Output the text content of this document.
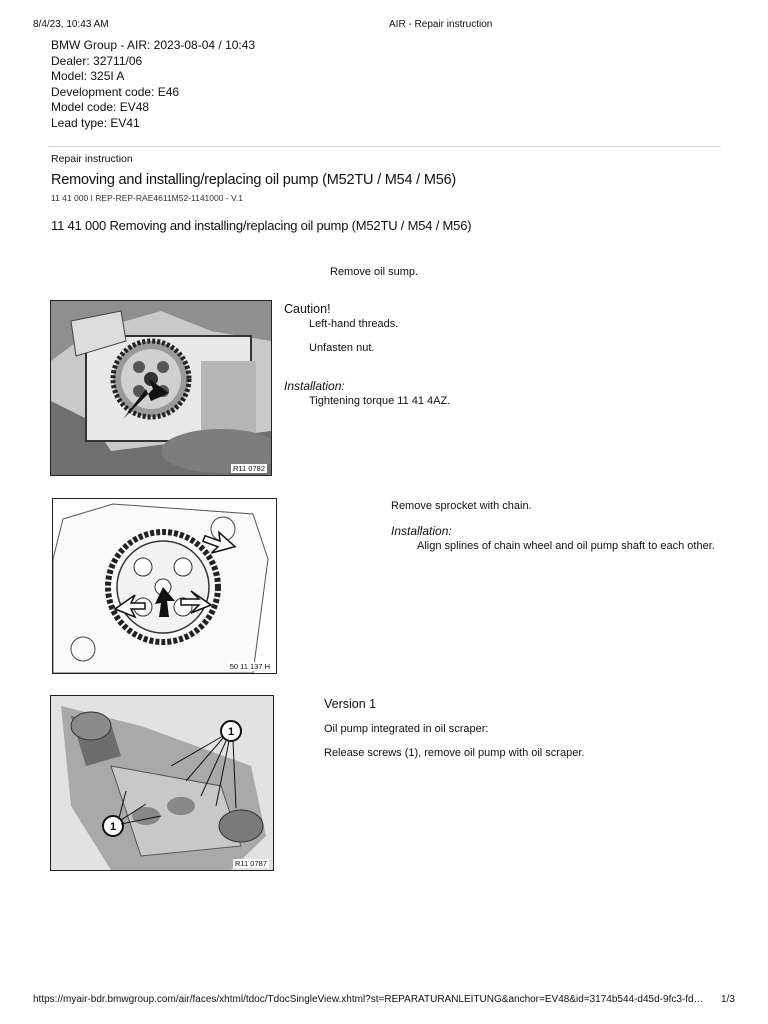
8/4/23, 10:43 AM	AIR - Repair instruction
BMW Group - AIR: 2023-08-04 / 10:43
Dealer: 32711/06
Model: 325I A
Development code: E46
Model code: EV48
Lead type: EV41
Repair instruction
Removing and installing/replacing oil pump (M52TU / M54 / M56)
11 41 000 I REP-REP-RAE4611M52-1141000 - V.1
11 41 000 Removing and installing/replacing oil pump (M52TU / M54 / M56)
Remove oil sump.
R11 0782
Caution!
Left-hand threads.
Unfasten nut.
Installation:
Tightening torque 11 41 4AZ.
50 11 137 H
Remove sprocket with chain.
Installation:
Align splines of chain wheel and oil pump shaft to each other.
1
1
R11 0787
Version 1
Oil pump integrated in oil scraper:
Release screws (1), remove oil pump with oil scraper.
https://myair-bdr.bmwgroup.com/air/faces/xhtml/tdoc/TdocSingleView.xhtml?st=REPARATURANLEITUNG&anchor=EV48&id=3174b544-d45d-9fc3-fd…	1/3
